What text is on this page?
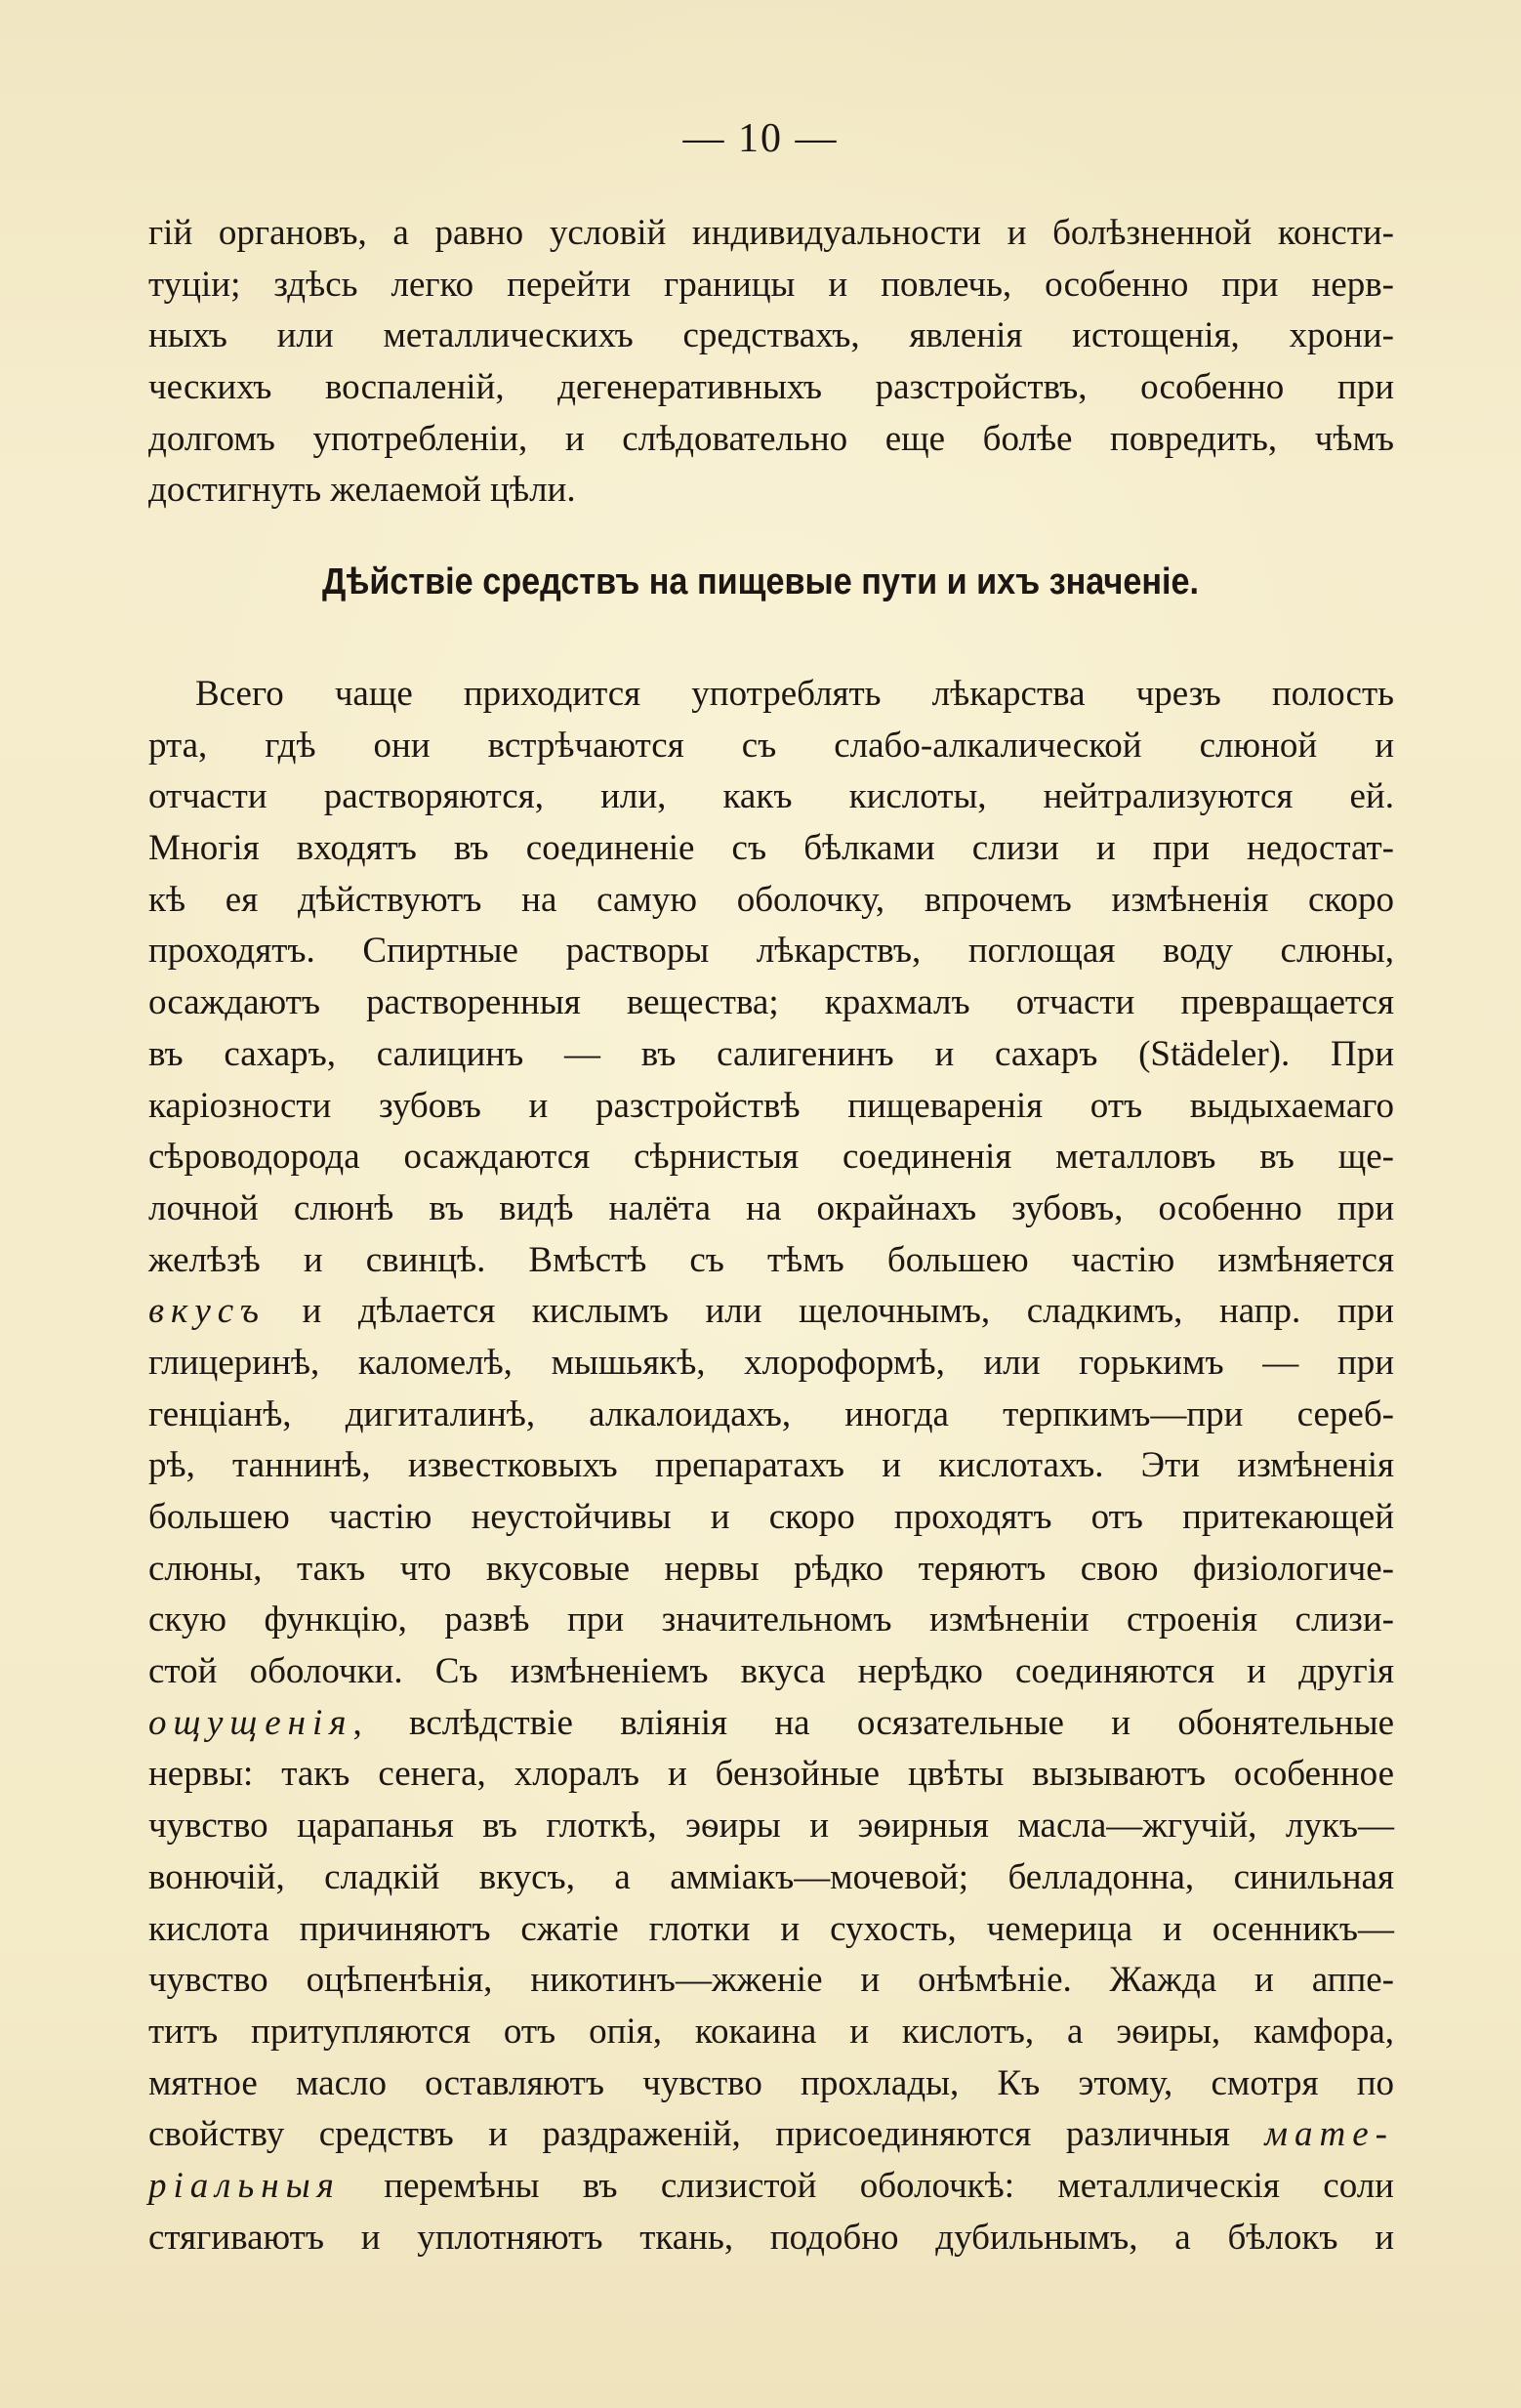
— 10 —
гій органовъ, а равно условій индивидуальности и болѣзненной консти-
туціи; здѣсь легко перейти границы и повлечь, особенно при нерв-
ныхъ или металлическихъ средствахъ, явленія истощенія, хрони-
ческихъ воспаленій, дегенеративныхъ разстройствъ, особенно при
долгомъ употребленіи, и слѣдовательно еще болѣе повредить, чѣмъ
достигнуть желаемой цѣли.
Дѣйствіе средствъ на пищевые пути и ихъ значеніе.
Всего чаще приходится употреблять лѣкарства чрезъ полость
рта, гдѣ они встрѣчаются съ слабо-алкалической слюной и
отчасти растворяются, или, какъ кислоты, нейтрализуются ей.
Многія входятъ въ соединеніе съ бѣлками слизи и при недостат-
кѣ ея дѣйствуютъ на самую оболочку, впрочемъ измѣненія скоро
проходятъ. Спиртные растворы лѣкарствъ, поглощая воду слюны,
осаждаютъ растворенныя вещества; крахмалъ отчасти превращается
въ сахаръ, салицинъ — въ салигенинъ и сахаръ (Städeler). При
каріозности зубовъ и разстройствѣ пищеваренія отъ выдыхаемаго
сѣроводорода осаждаются сѣрнистыя соединенія металловъ въ ще-
лочной слюнѣ въ видѣ налёта на окрайнахъ зубовъ, особенно при
желѣзѣ и свинцѣ. Вмѣстѣ съ тѣмъ большею частію измѣняется
вкусъ и дѣлается кислымъ или щелочнымъ, сладкимъ, напр. при
глицеринѣ, каломелѣ, мышьякѣ, хлороформѣ, или горькимъ — при
генціанѣ, дигиталинѣ, алкалоидахъ, иногда терпкимъ—при сереб-
рѣ, таннинѣ, известковыхъ препаратахъ и кислотахъ. Эти измѣненія
большею частію неустойчивы и скоро проходятъ отъ притекающей
слюны, такъ что вкусовые нервы рѣдко теряютъ свою физіологиче-
скую функцію, развѣ при значительномъ измѣненіи строенія слизи-
стой оболочки. Съ измѣненіемъ вкуса нерѣдко соединяются и другія
ощущенія, вслѣдствіе вліянія на осязательные и обонятельные
нервы: такъ сенега, хлоралъ и бензойные цвѣты вызываютъ особенное
чувство царапанья въ глоткѣ, эѳиры и эѳирныя масла—жгучій, лукъ—
вонючій, сладкій вкусъ, а амміакъ—мочевой; белладонна, синильная
кислота причиняютъ сжатіе глотки и сухость, чемерица и осенникъ—
чувство оцѣпенѣнія, никотинъ—жженіе и онѣмѣніе. Жажда и аппе-
титъ притупляются отъ опія, кокаина и кислотъ, а эѳиры, камфора,
мятное масло оставляютъ чувство прохлады, Къ этому, смотря по
свойству средствъ и раздраженій, присоединяются различныя мате-
ріальныя перемѣны въ слизистой оболочкѣ: металлическія соли
стягиваютъ и уплотняютъ ткань, подобно дубильнымъ, а бѣлокъ и
